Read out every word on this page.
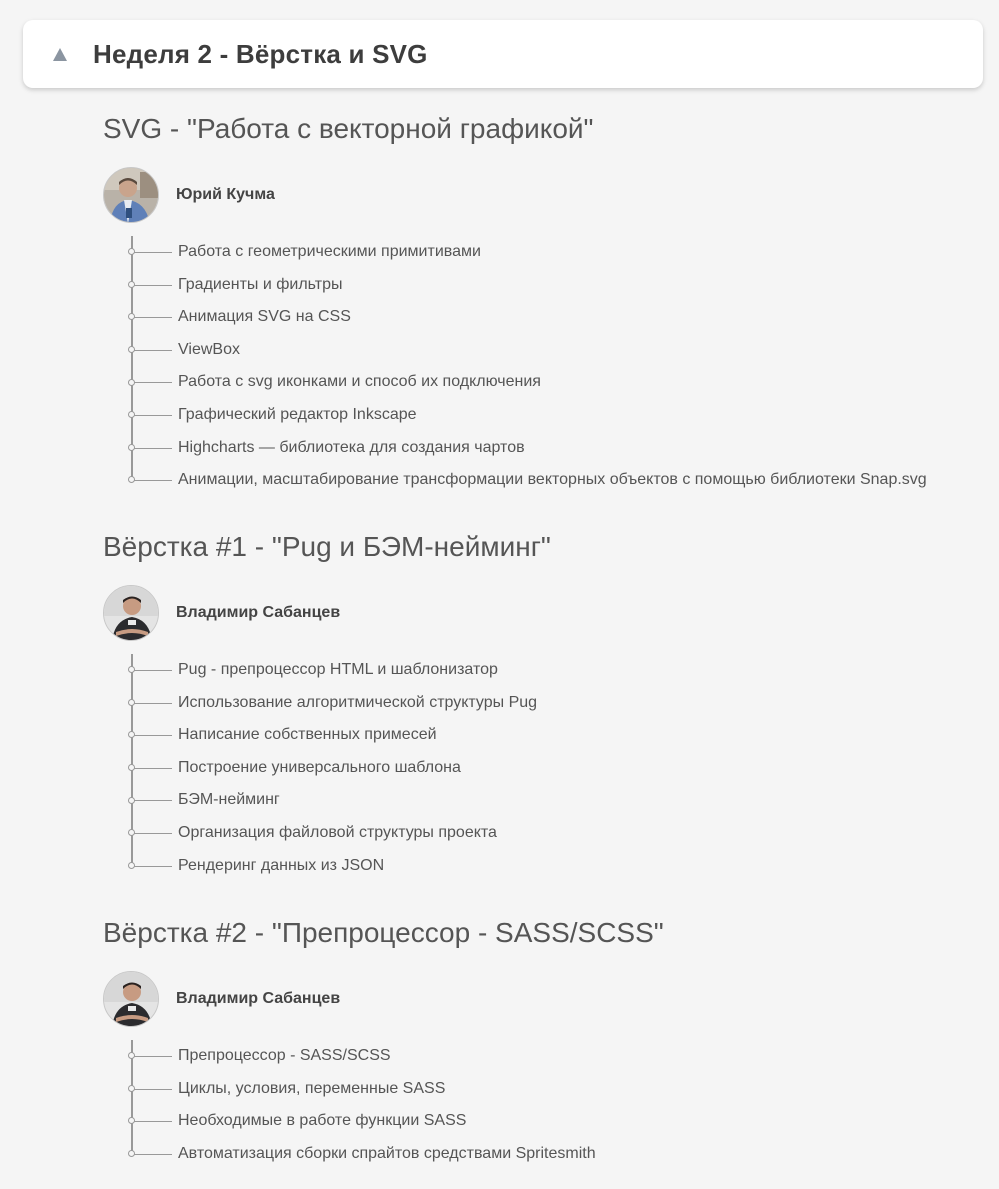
Неделя 2 - Вёрстка и SVG
SVG - "Работа с векторной графикой"
Юрий Кучма
Работа с геометрическими примитивами
Градиенты и фильтры
Анимация SVG на CSS
ViewBox
Работа с svg иконками и способ их подключения
Графический редактор Inkscape
Highcharts — библиотека для создания чартов
Анимации, масштабирование трансформации векторных объектов с помощью библиотеки Snap.svg
Вёрстка #1 - "Pug и БЭМ-нейминг"
Владимир Сабанцев
Pug - препроцессор HTML и шаблонизатор
Использование алгоритмической структуры Pug
Написание собственных примесей
Построение универсального шаблона
БЭМ-нейминг
Организация файловой структуры проекта
Рендеринг данных из JSON
Вёрстка #2 - "Препроцессор - SASS/SCSS"
Владимир Сабанцев
Препроцессор - SASS/SCSS
Циклы, условия, переменные SASS
Необходимые в работе функции SASS
Автоматизация сборки спрайтов средствами Spritesmith
